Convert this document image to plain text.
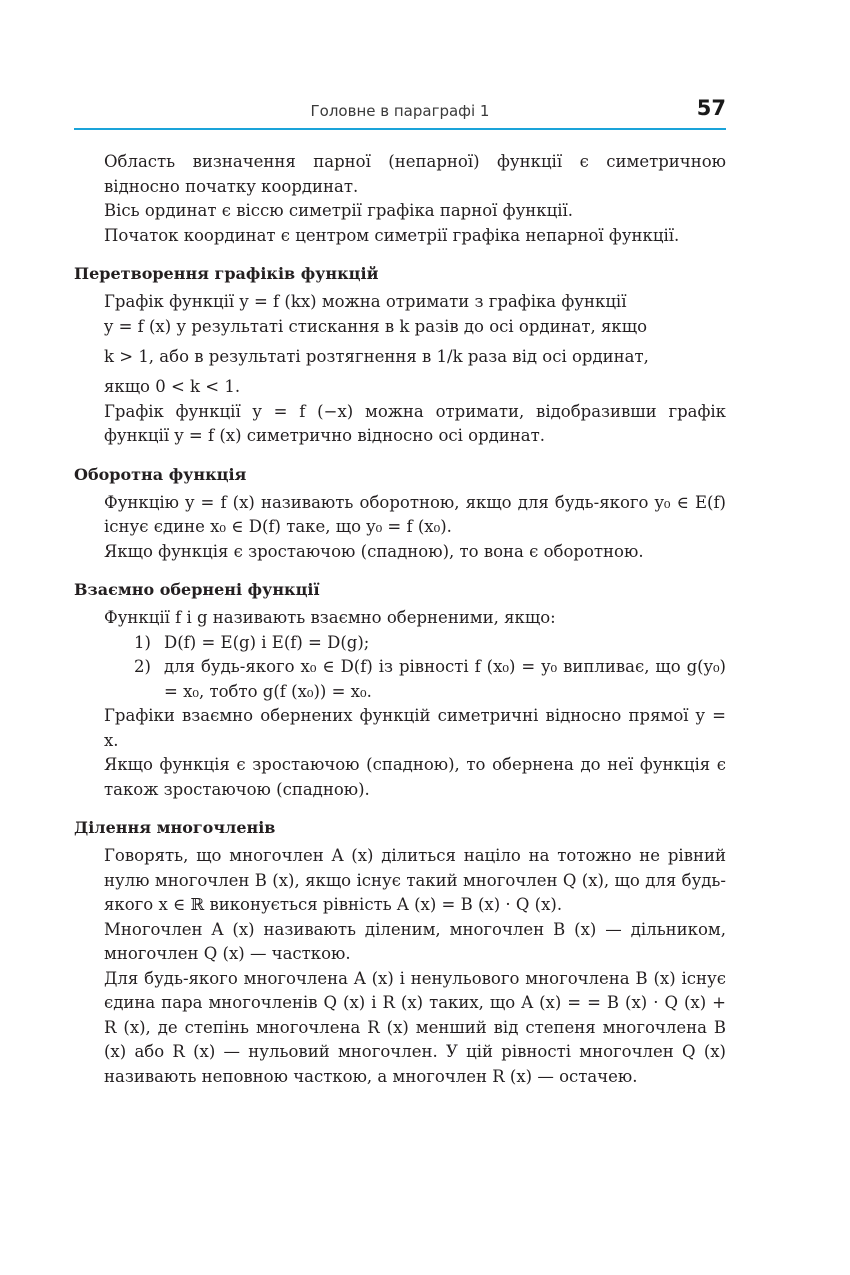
Головне в параграфі 1	57

Область визначення парної (непарної) функції є симетричною відносно початку координат.

Вісь ординат є віссю симетрії графіка парної функції.

Початок координат є центром симетрії графіка непарної функції.

Перетворення графіків функцій

Графік функції y = f (kx) можна отримати з графіка функції

y = f (x) у результаті стискання в k разів до осі ординат, якщо

k > 1, або в результаті розтягнення в 1/k раза від осі ординат,

якщо 0 < k < 1.

Графік функції y = f (−x) можна отримати, відобразивши графік функції y = f (x) симетрично відносно осі ординат.

Оборотна функція

Функцію y = f (x) називають оборотною, якщо для будь-якого y₀ ∈ E(f) існує єдине x₀ ∈ D(f) таке, що y₀ = f (x₀).

Якщо функція є зростаючою (спадною), то вона є оборотною.

Взаємно обернені функції

Функції f і g називають взаємно оберненими, якщо:

1) D(f) = E(g) і E(f) = D(g);
2) для будь-якого x₀ ∈ D(f) із рівності f (x₀) = y₀ випливає, що g(y₀) = x₀, тобто g(f (x₀)) = x₀.

Графіки взаємно обернених функцій симетричні відносно прямої y = x.

Якщо функція є зростаючою (спадною), то обернена до неї функція є також зростаючою (спадною).

Ділення многочленів

Говорять, що многочлен A (x) ділиться націло на тотожно не рівний нулю многочлен B (x), якщо існує такий многочлен Q (x), що для будь-якого x ∈ ℝ виконується рівність A (x) = B (x) · Q (x).

Многочлен A (x) називають діленим, многочлен B (x) — дільником, многочлен Q (x) — часткою.

Для будь-якого многочлена A (x) і ненульового многочлена B (x) існує єдина пара многочленів Q (x) і R (x) таких, що A (x) = = B (x) · Q (x) + R (x), де степінь многочлена R (x) менший від степеня многочлена B (x) або R (x) — нульовий многочлен. У цій рівності многочлен Q (x) називають неповною часткою, а многочлен R (x) — остачею.
